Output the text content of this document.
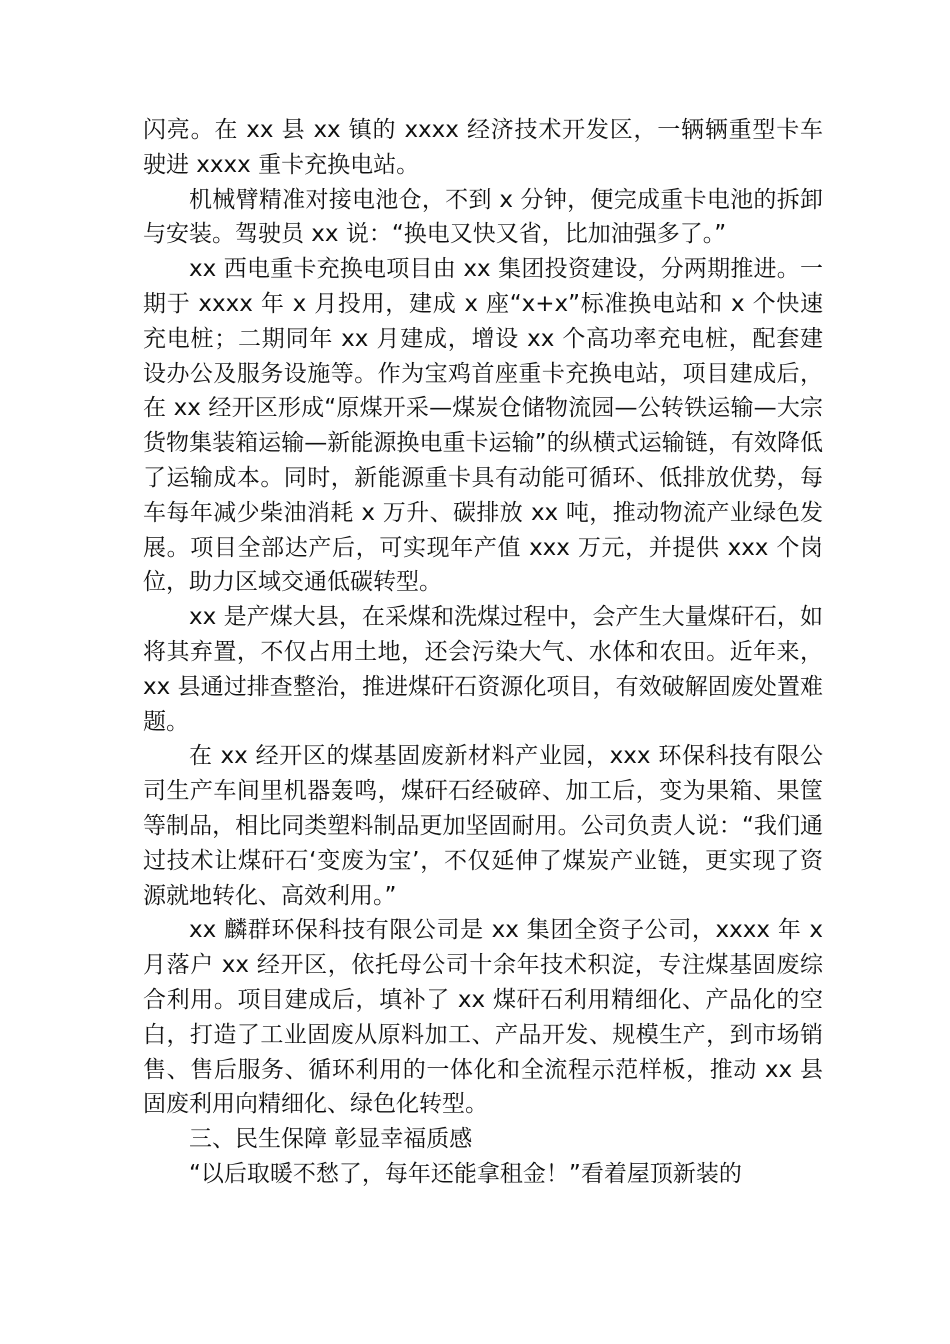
闪亮。在 xx 县 xx 镇的 xxxx 经济技术开发区，一辆辆重型卡车驶进 xxxx 重卡充换电站。

机械臂精准对接电池仓，不到 x 分钟，便完成重卡电池的拆卸与安装。驾驶员 xx 说：“换电又快又省，比加油强多了。”

xx 西电重卡充换电项目由 xx 集团投资建设，分两期推进。一期于 xxxx 年 x 月投用，建成 x 座“x+x”标准换电站和 x 个快速充电桩；二期同年 xx 月建成，增设 xx 个高功率充电桩，配套建设办公及服务设施等。作为宝鸡首座重卡充换电站，项目建成后，在 xx 经开区形成“原煤开采—煤炭仓储物流园—公转铁运输—大宗货物集装箱运输—新能源换电重卡运输”的纵横式运输链，有效降低了运输成本。同时，新能源重卡具有动能可循环、低排放优势，每车每年减少柴油消耗 x 万升、碳排放 xx 吨，推动物流产业绿色发展。项目全部达产后，可实现年产值 xxx 万元，并提供 xxx 个岗位，助力区域交通低碳转型。

xx 是产煤大县，在采煤和洗煤过程中，会产生大量煤矸石，如将其弃置，不仅占用土地，还会污染大气、水体和农田。近年来，xx 县通过排查整治，推进煤矸石资源化项目，有效破解固废处置难题。

在 xx 经开区的煤基固废新材料产业园，xxx 环保科技有限公司生产车间里机器轰鸣，煤矸石经破碎、加工后，变为果箱、果筐等制品，相比同类塑料制品更加坚固耐用。公司负责人说：“我们通过技术让煤矸石‘变废为宝’，不仅延伸了煤炭产业链，更实现了资源就地转化、高效利用。”

xx 麟群环保科技有限公司是 xx 集团全资子公司，xxxx 年 x 月落户 xx 经开区，依托母公司十余年技术积淀，专注煤基固废综合利用。项目建成后，填补了 xx 煤矸石利用精细化、产品化的空白，打造了工业固废从原料加工、产品开发、规模生产，到市场销售、售后服务、循环利用的一体化和全流程示范样板，推动 xx 县固废利用向精细化、绿色化转型。

三、民生保障 彰显幸福质感

“以后取暖不愁了，每年还能拿租金！”看着屋顶新装的
